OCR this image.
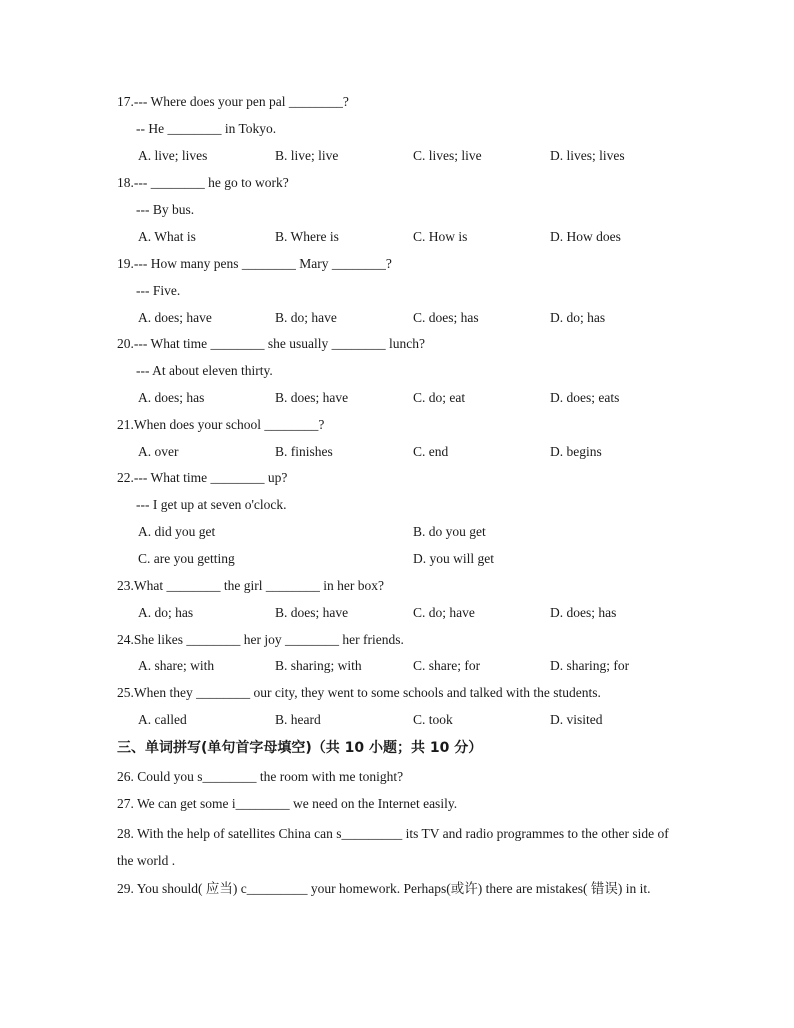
17.--- Where does your pen pal ________?
-- He ________ in Tokyo.
A. live; lives	B. live; live	C. lives; live	D. lives; lives
18.--- ________ he go to work?
--- By bus.
A. What is	B. Where is	C. How is	D. How does
19.--- How many pens ________ Mary ________?
--- Five.
A. does; have	B. do; have	C. does; has	D. do; has
20.--- What time ________ she usually ________ lunch?
--- At about eleven thirty.
A. does; has	B. does; have	C. do; eat	D. does; eats
21.When does your school ________?
A. over	B. finishes	C. end	D. begins
22.--- What time ________ up?
--- I get up at seven o'clock.
A. did you get	B. do you get
C. are you getting	D. you will get
23.What ________ the girl ________ in her box?
A. do; has	B. does; have	C. do; have	D. does; has
24.She likes ________ her joy ________ her friends.
A. share; with	B. sharing; with	C. share; for	D. sharing; for
25.When they ________ our city, they went to some schools and talked with the students.
A. called	B. heard	C. took	D. visited
三、单词拼写(单句首字母填空)（共 10 小题；共 10 分）
26. Could you s________ the room with me tonight?
27. We can get some i________ we need on the Internet easily.
28. With the help of satellites China can s_________ its TV and radio programmes to the other side of the world .
29. You should( 应当) c_________ your homework. Perhaps(或许) there are mistakes( 错误) in it.
